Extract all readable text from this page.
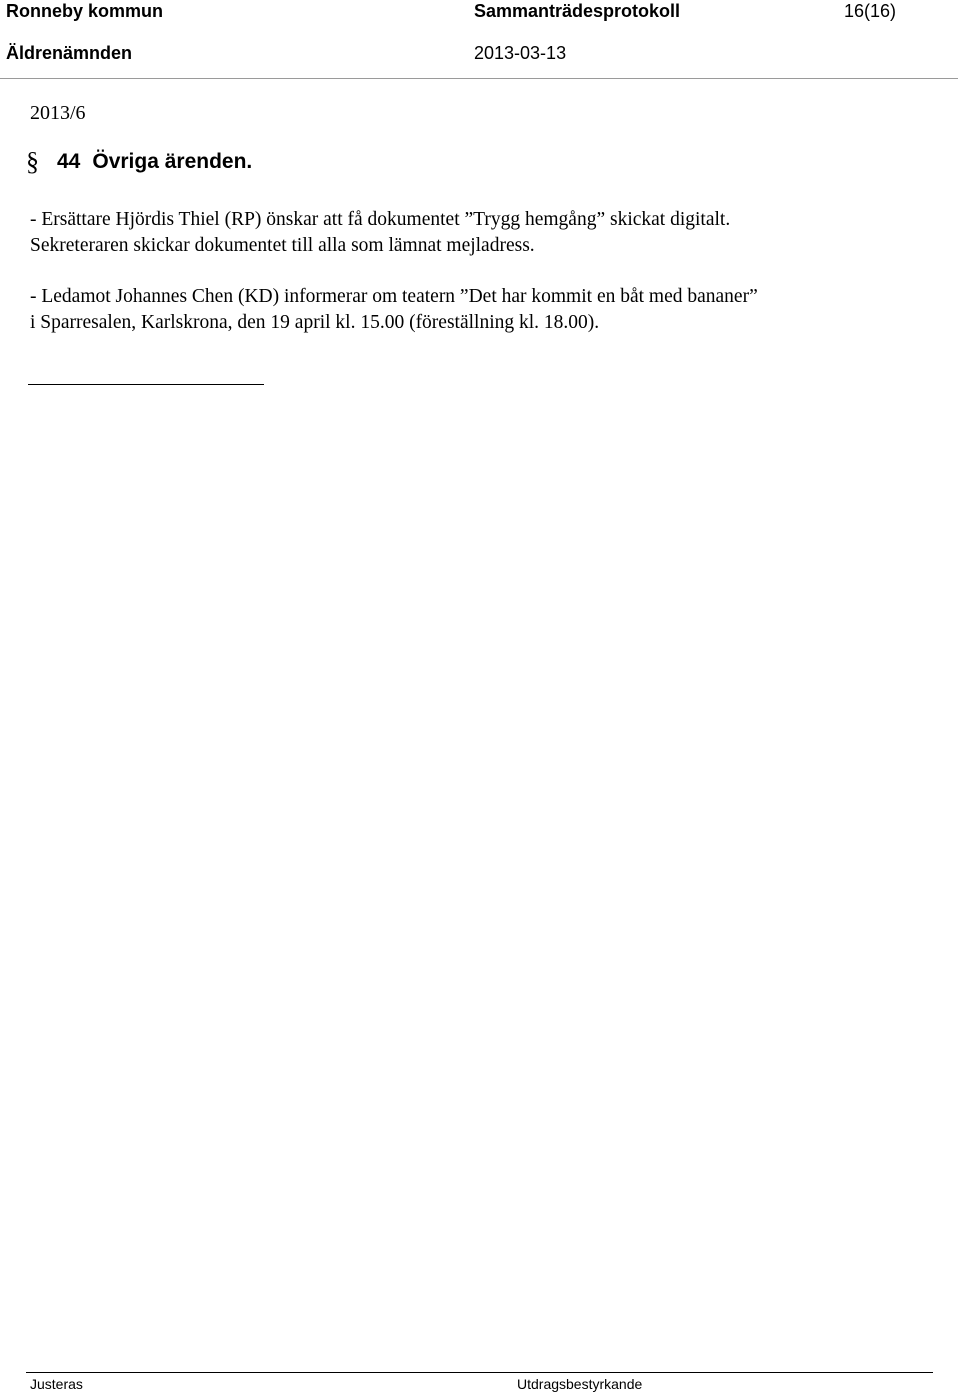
Ronneby kommun	Sammanträdesprotokoll	16(16)
Äldrenämnden	2013-03-13
2013/6
§ 44 Övriga ärenden.
- Ersättare Hjördis Thiel (RP) önskar att få dokumentet ”Trygg hemgång” skickat digitalt.
Sekreteraren skickar dokumentet till alla som lämnat mejladress.
- Ledamot Johannes Chen (KD) informerar om teatern ”Det har kommit en båt med bananer”
i Sparresalen, Karlskrona, den 19 april kl. 15.00 (föreställning kl. 18.00).
Justeras	Utdragsbestyrkande
